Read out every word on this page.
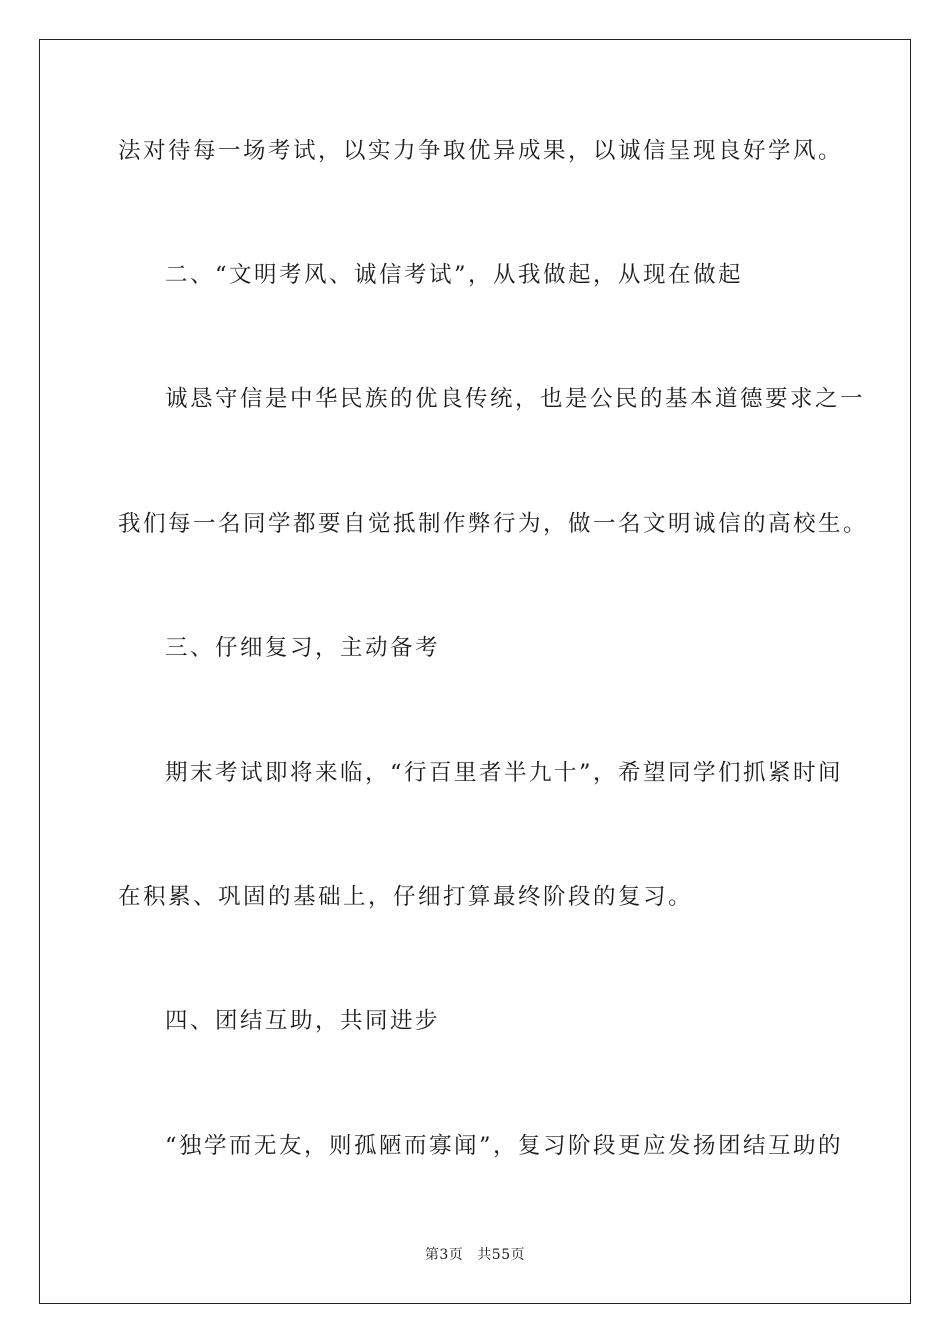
法对待每一场考试，以实力争取优异成果，以诚信呈现良好学风。
二、“文明考风、诚信考试”，从我做起，从现在做起
诚恳守信是中华民族的优良传统，也是公民的基本道德要求之一
我们每一名同学都要自觉抵制作弊行为，做一名文明诚信的高校生。
三、仔细复习，主动备考
期末考试即将来临，“行百里者半九十”，希望同学们抓紧时间
在积累、巩固的基础上，仔细打算最终阶段的复习。
四、团结互助，共同进步
“独学而无友，则孤陋而寡闻”，复习阶段更应发扬团结互助的
第3页 共55页
